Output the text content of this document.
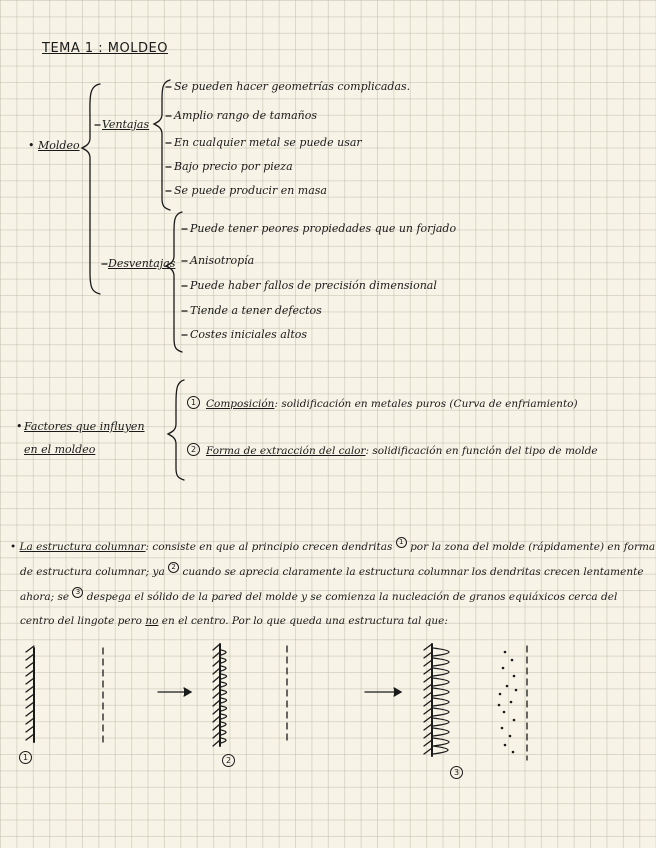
TEMA 1 : MOLDEO
• Moldeo
Ventajas
Se pueden hacer geometrías complicadas.
Amplio rango de tamaños
En cualquier metal se puede usar
Bajo precio por pieza
Se puede producir en masa
Desventajas
Puede tener peores propiedades que un forjado
Anisotropía
Puede haber fallos de precisión dimensional
Tiende a tener defectos
Costes iniciales altos
• Factores que influyen
en el moldeo
1 Composición: solidificación en metales puros (Curva de enfriamiento)
2 Forma de extracción del calor: solidificación en función del tipo de molde
• La estructura columnar: consiste en que al principio crecen dendritas 1 por la zona del molde (rápidamente) en forma
de estructura columnar; ya 2 cuando se aprecia claramente la estructura columnar los dendritas crecen lentamente
ahora; se 3 despega el sólido de la pared del molde y se comienza la nucleación de granos equiáxicos cerca del
centro del lingote pero no en el centro. Por lo que queda una estructura tal que:
1	2
3
